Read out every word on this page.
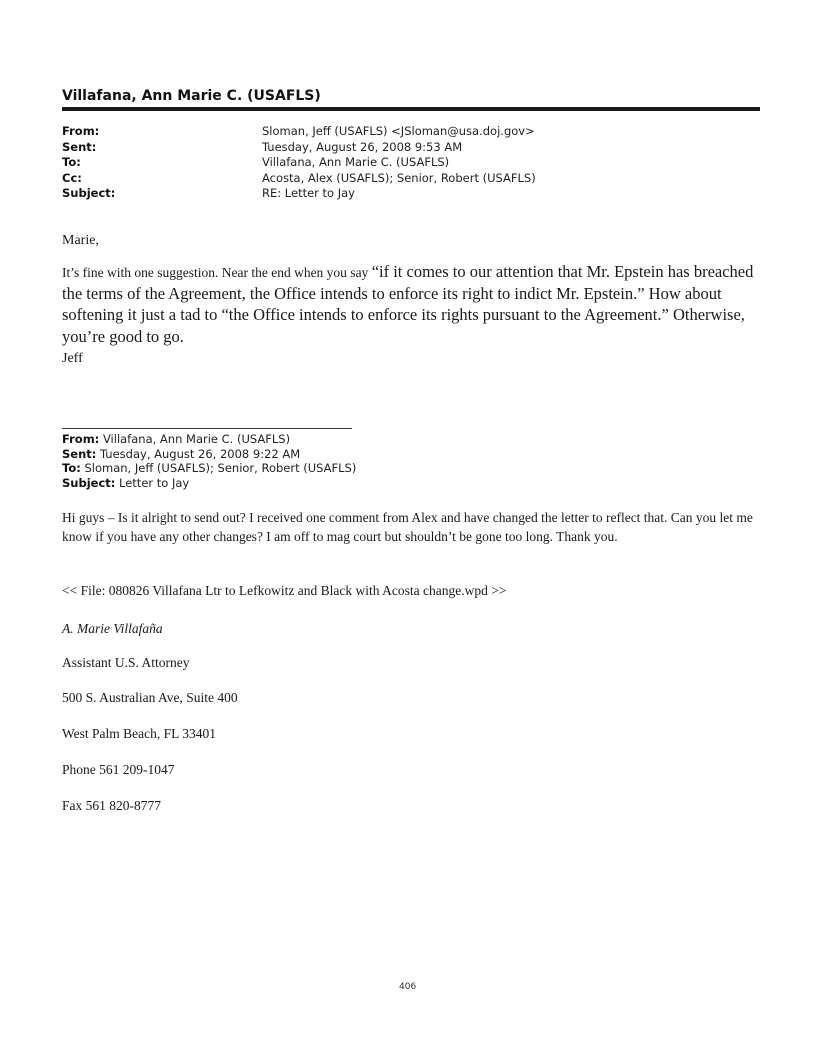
Villafana, Ann Marie C. (USAFLS)
From:	Sloman, Jeff (USAFLS) <JSloman@usa.doj.gov>
Sent:	Tuesday, August 26, 2008 9:53 AM
To:	Villafana, Ann Marie C. (USAFLS)
Cc:	Acosta, Alex (USAFLS); Senior, Robert (USAFLS)
Subject:	RE: Letter to Jay
Marie,
It’s fine with one suggestion. Near the end when you say “if it comes to our attention that Mr. Epstein has breached the terms of the Agreement, the Office intends to enforce its right to indict Mr. Epstein.” How about softening it just a tad to “the Office intends to enforce its rights pursuant to the Agreement.” Otherwise, you’re good to go.
Jeff
From: Villafana, Ann Marie C. (USAFLS)
Sent: Tuesday, August 26, 2008 9:22 AM
To: Sloman, Jeff (USAFLS); Senior, Robert (USAFLS)
Subject: Letter to Jay
Hi guys – Is it alright to send out? I received one comment from Alex and have changed the letter to reflect that. Can you let me know if you have any other changes? I am off to mag court but shouldn’t be gone too long. Thank you.
<< File: 080826 Villafana Ltr to Lefkowitz and Black with Acosta change.wpd >>
A. Marie Villafaña
Assistant U.S. Attorney
500 S. Australian Ave, Suite 400
West Palm Beach, FL 33401
Phone 561 209-1047
Fax 561 820-8777
406
